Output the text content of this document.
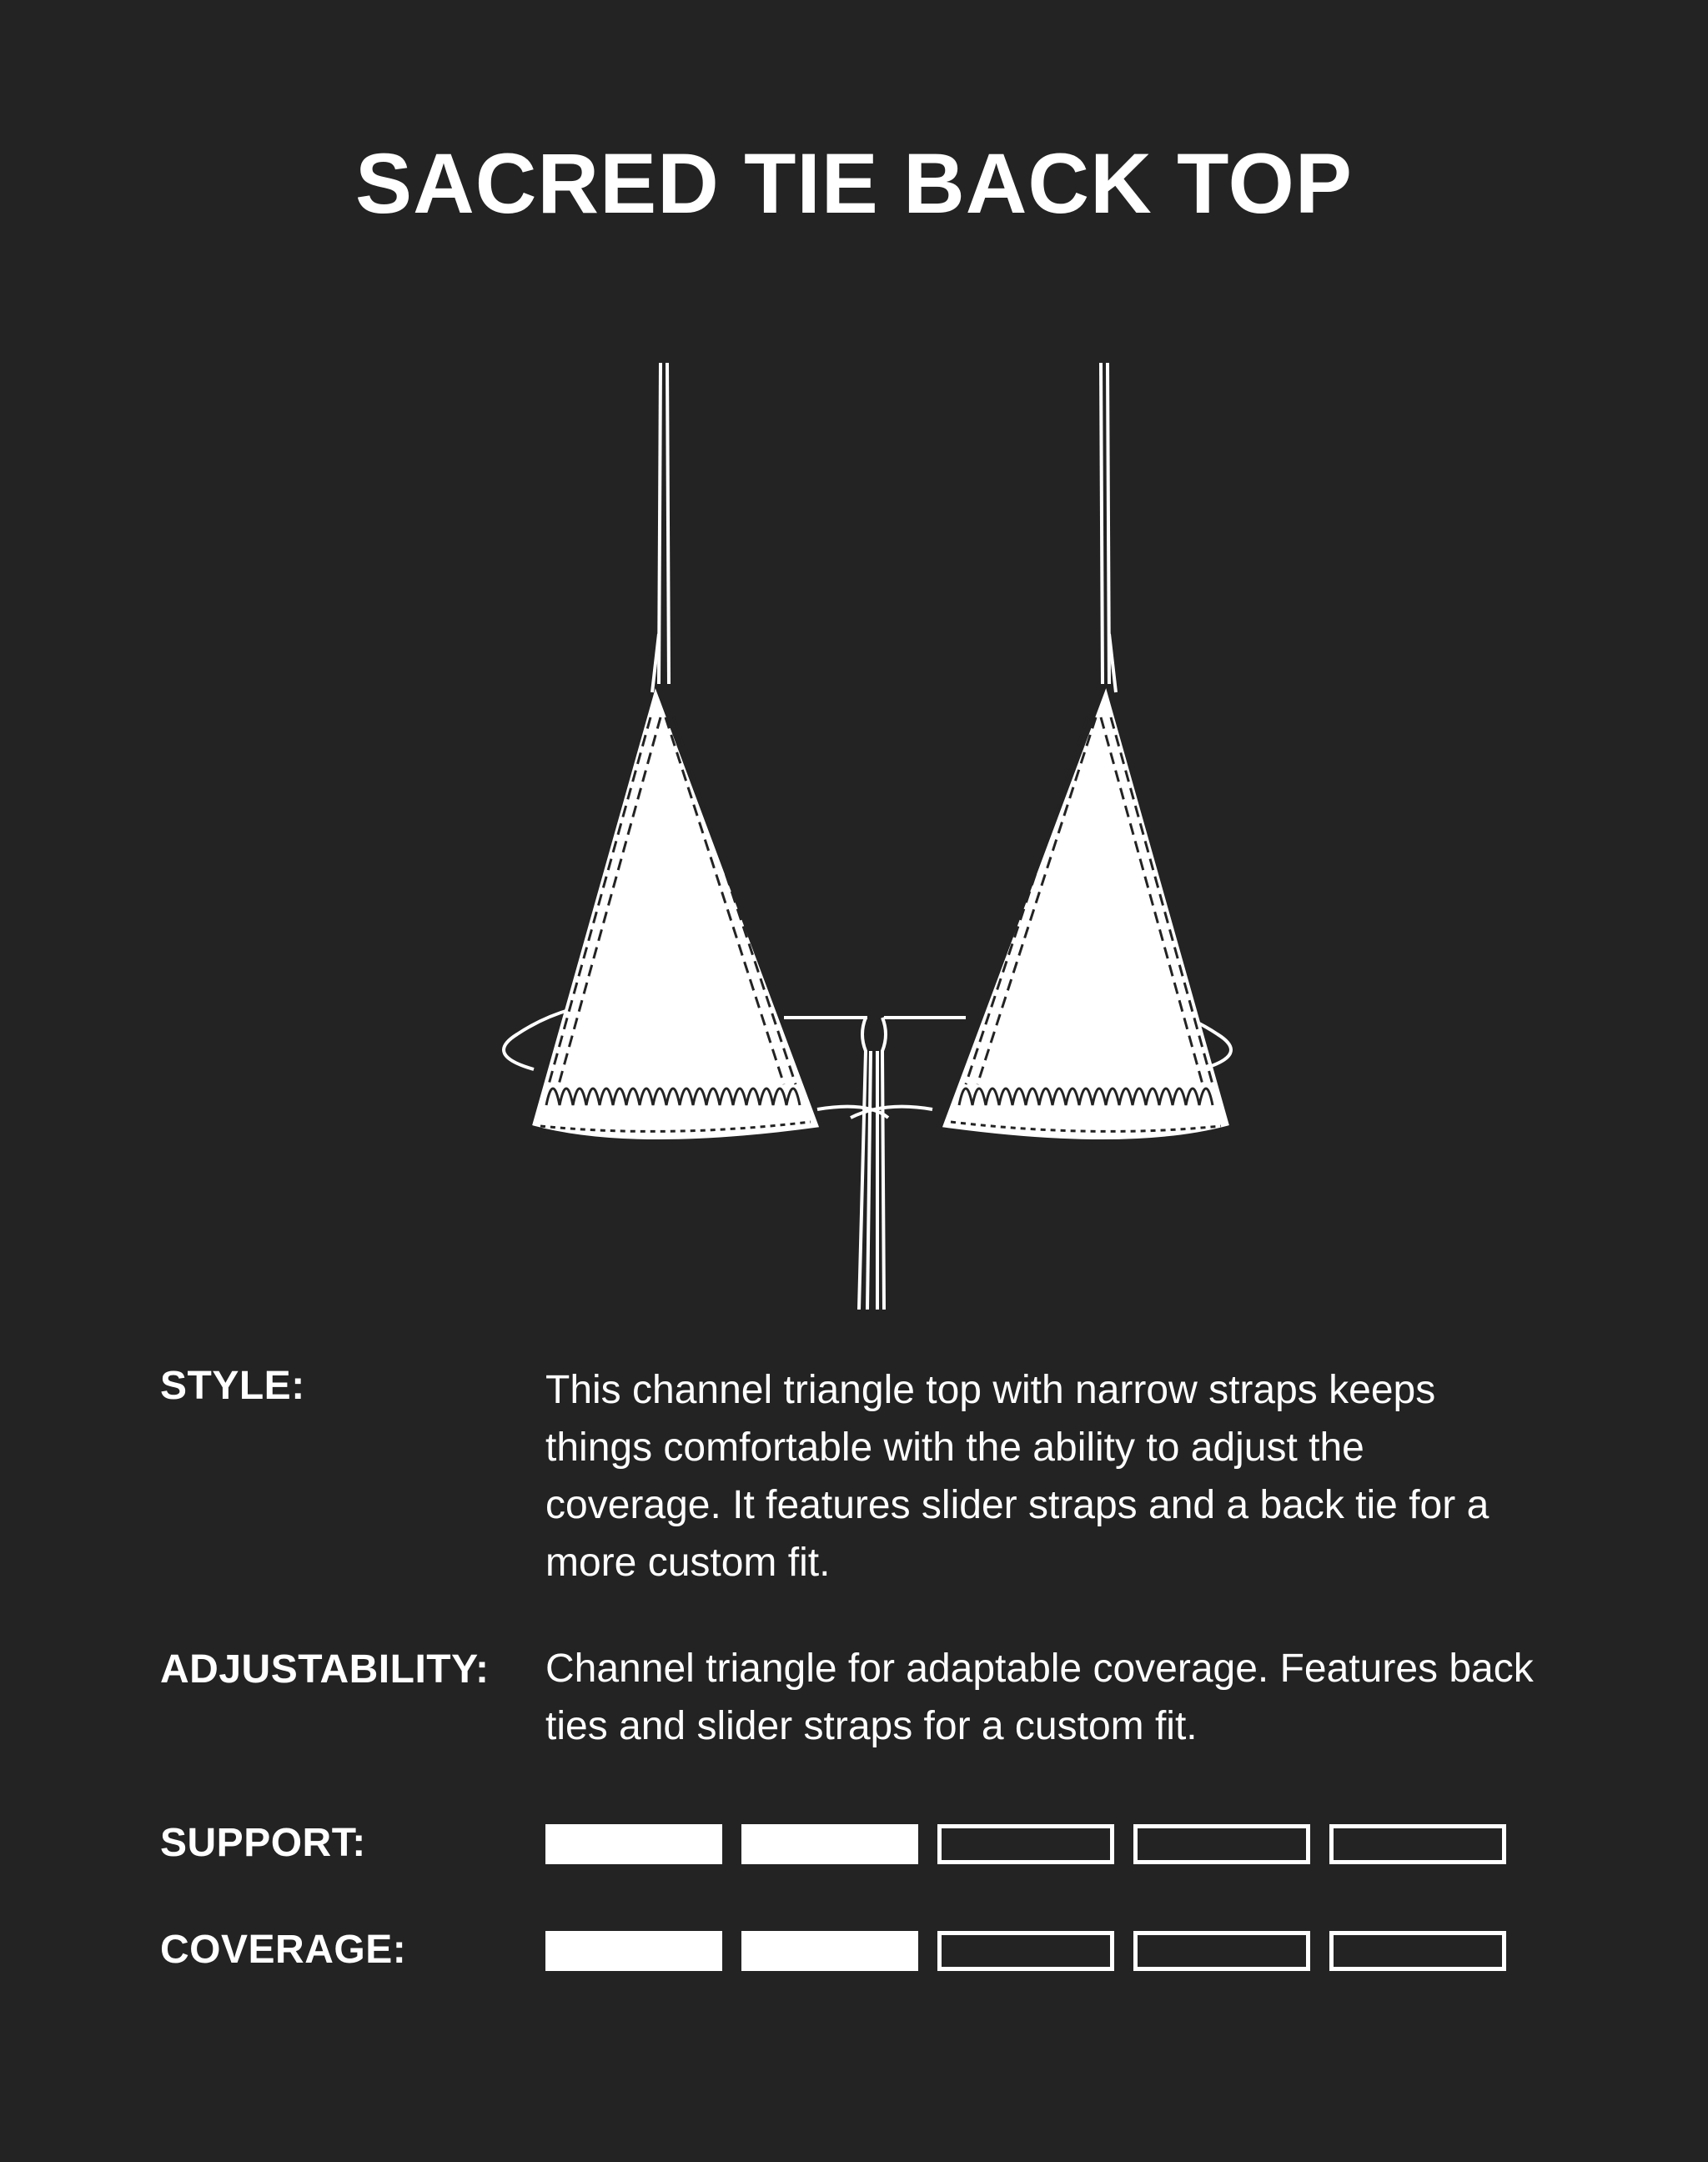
SACRED TIE BACK TOP
STYLE:	This channel triangle top with narrow straps keeps things comfortable with the ability to adjust the coverage. It features slider straps and a back tie for a more custom fit.
ADJUSTABILITY: Channel triangle for adaptable coverage. Features back ties and slider straps for a custom fit.
SUPPORT:
COVERAGE:
